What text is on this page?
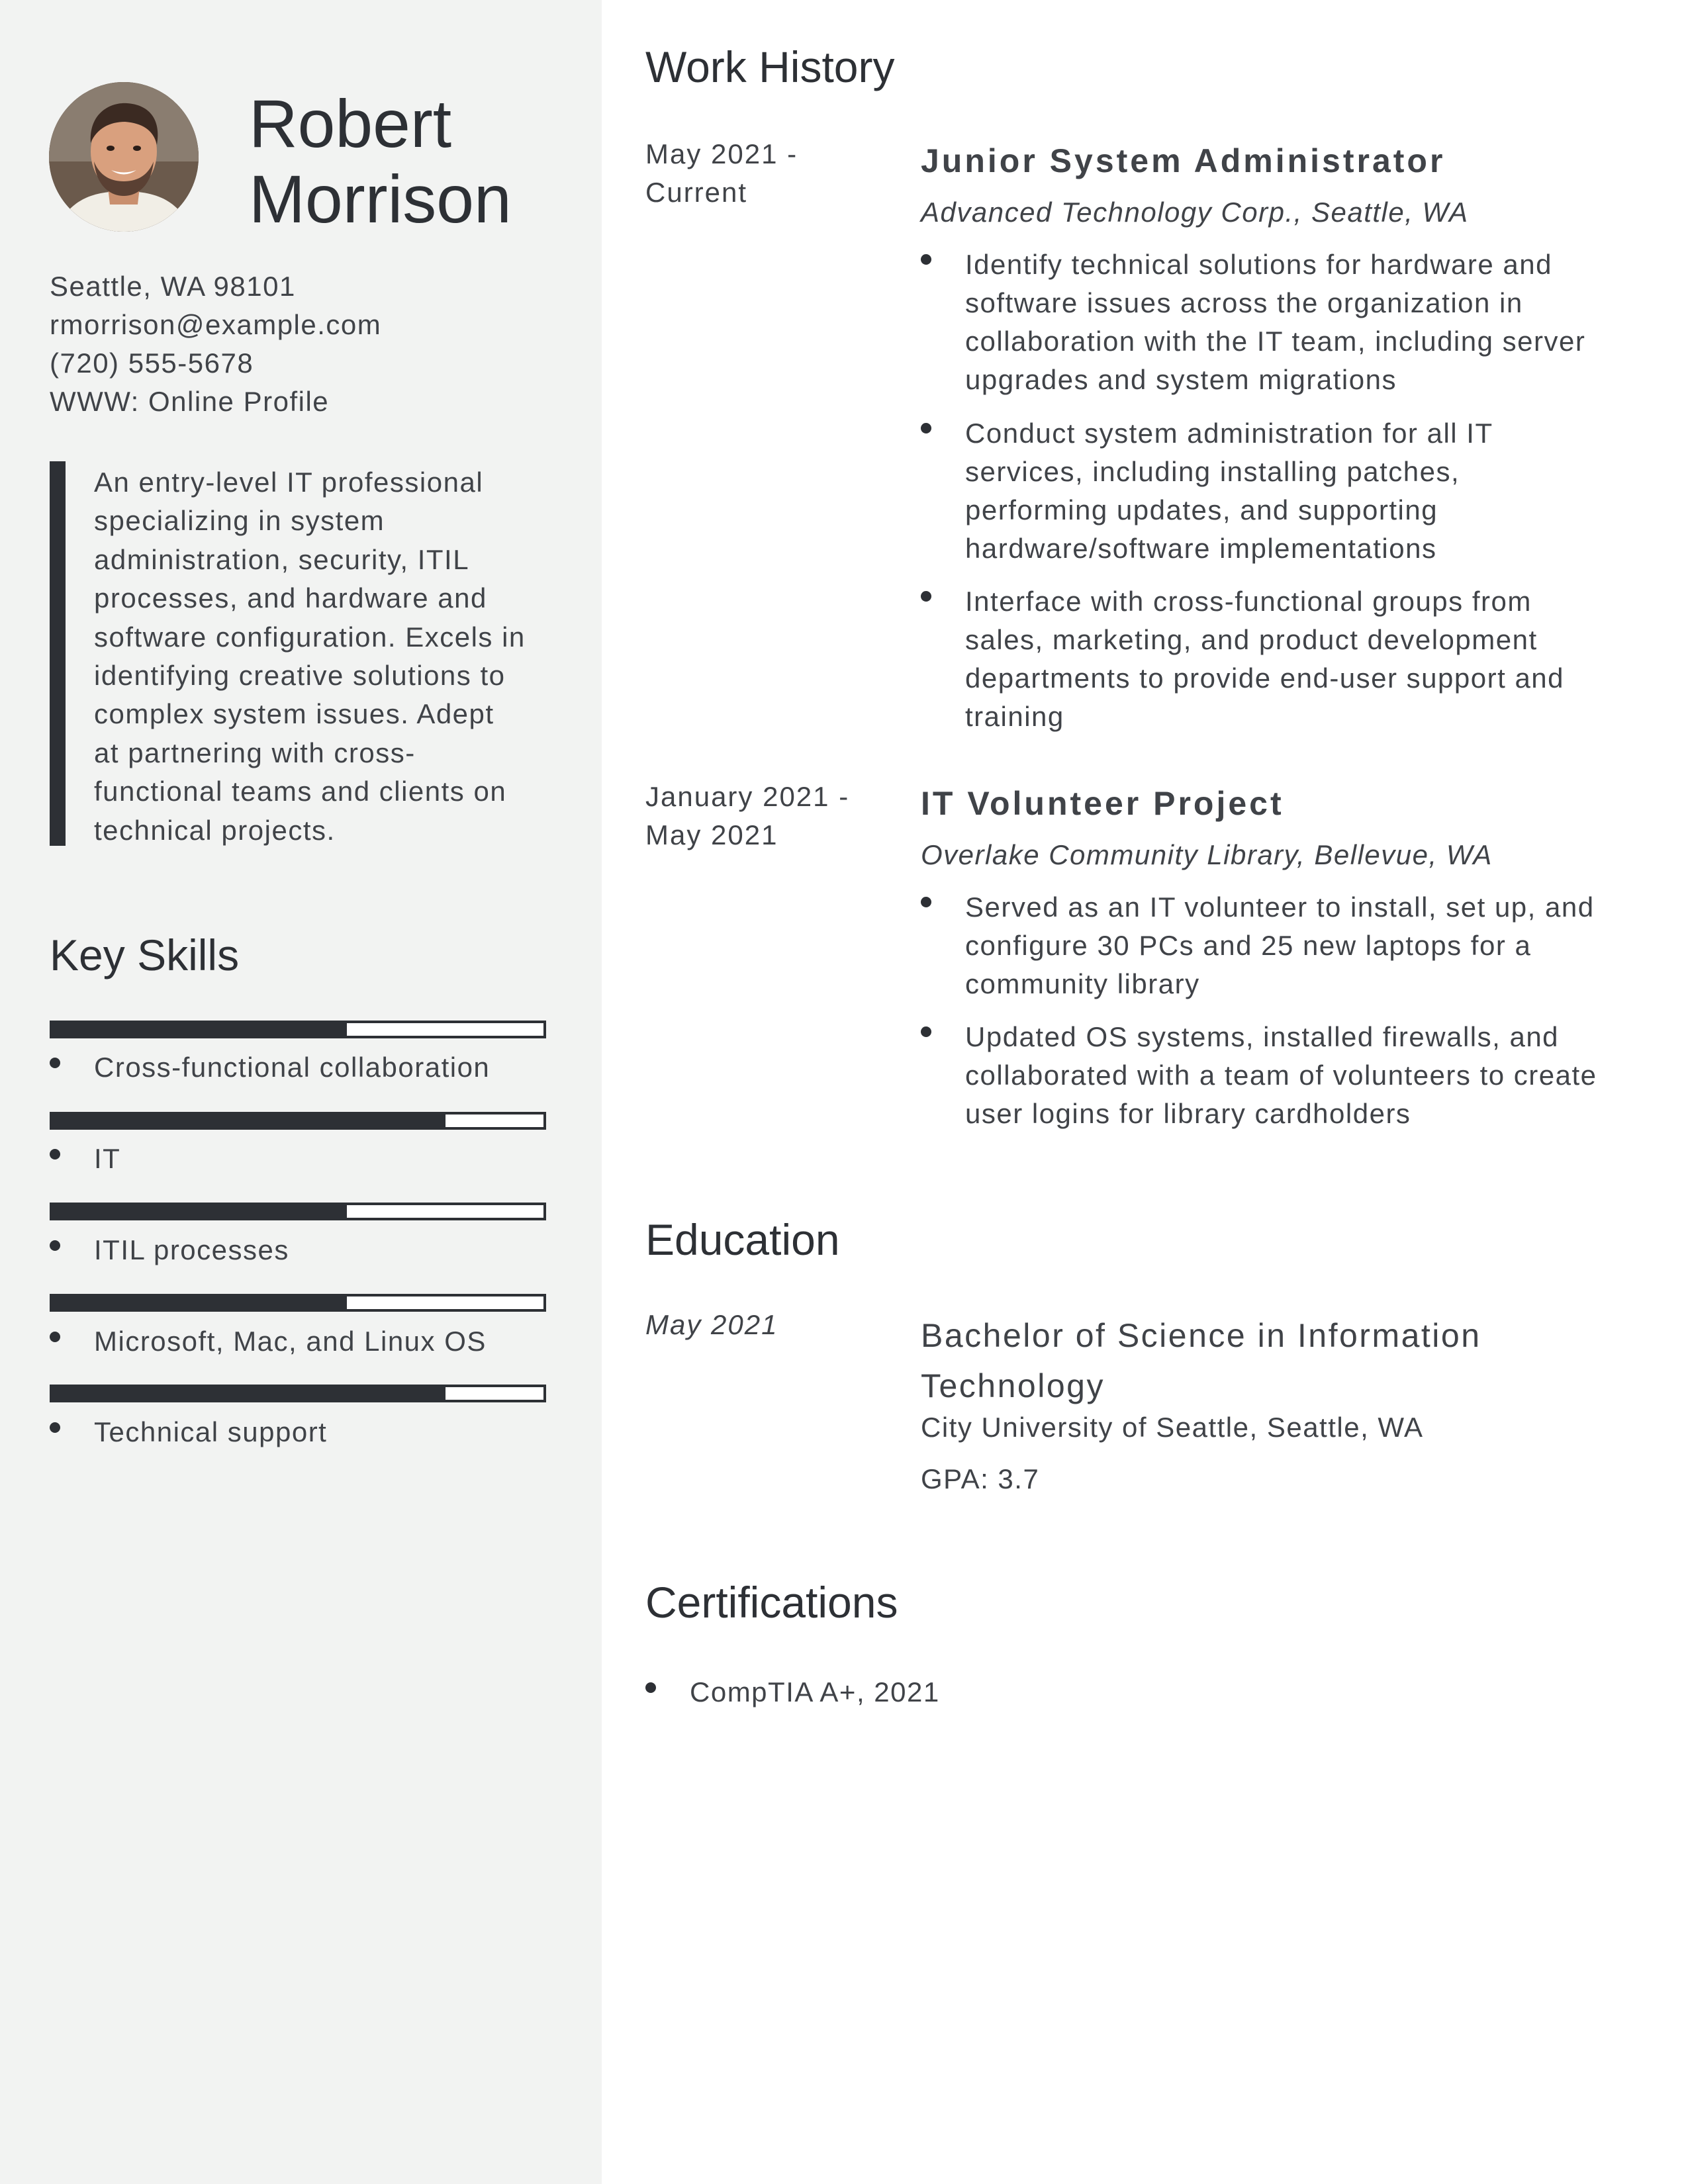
Robert
Morrison
Seattle, WA 98101
rmorrison@example.com
(720) 555-5678
WWW: Online Profile
An entry-level IT professional
specializing in system
administration, security, ITIL
processes, and hardware and
software configuration. Excels in
identifying creative solutions to
complex system issues. Adept
at partnering with cross-
functional teams and clients on
technical projects.
Key Skills
Cross-functional collaboration
IT
ITIL processes
Microsoft, Mac, and Linux OS
Technical support
Work History
May 2021 -
Current
Junior System Administrator
Advanced Technology Corp., Seattle, WA
Identify technical solutions for hardware and
software issues across the organization in
collaboration with the IT team, including server
upgrades and system migrations
Conduct system administration for all IT
services, including installing patches,
performing updates, and supporting
hardware/software implementations
Interface with cross-functional groups from
sales, marketing, and product development
departments to provide end-user support and
training
January 2021 -
May 2021
IT Volunteer Project
Overlake Community Library, Bellevue, WA
Served as an IT volunteer to install, set up, and
configure 30 PCs and 25 new laptops for a
community library
Updated OS systems, installed firewalls, and
collaborated with a team of volunteers to create
user logins for library cardholders
Education
May 2021	Bachelor of Science in Information
Technology
City University of Seattle, Seattle, WA
GPA: 3.7
Certifications
CompTIA A+, 2021
